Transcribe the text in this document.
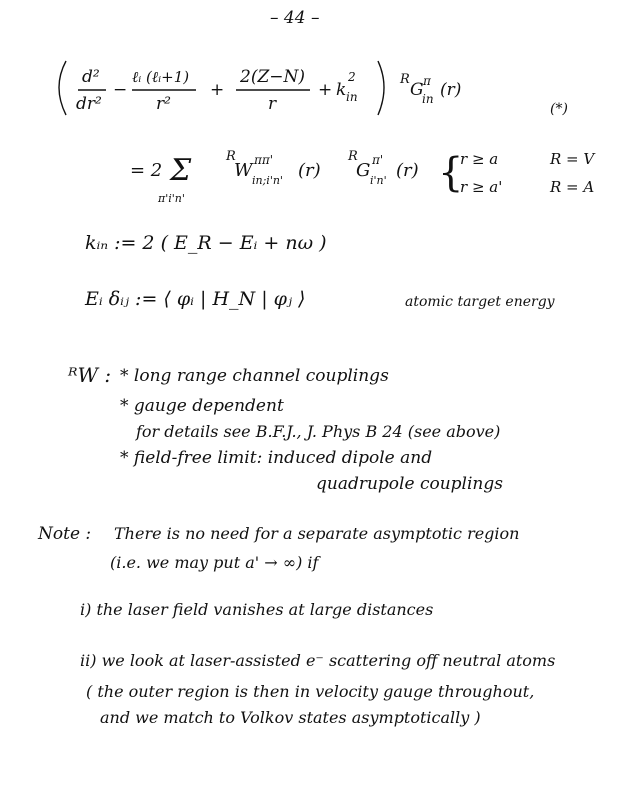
– 44 –
d²
dr²
−
ℓᵢ (ℓᵢ+1)
r²
+
2(Z−N)
r
+ k in
2	R
G π
in (r)
(*)
= 2 Σ
π'i'n'
R
W ππ'
in;i'n' (r)
R
G π'
i'n' (r) {
r ≥ a
r ≥ a'
R = V
R = A
kᵢₙ := 2 ( E_R − Eᵢ + nω )
Eᵢ δᵢⱼ := ⟨ φᵢ | H_N | φⱼ ⟩	atomic target energy
ᴿW : * long range channel couplings
* gauge dependent
for details see B.F.J., J. Phys B 24 (see above)
* field-free limit: induced dipole and
quadrupole couplings
Note : There is no need for a separate asymptotic region
(i.e. we may put a' → ∞) if
i) the laser field vanishes at large distances
ii) we look at laser-assisted e⁻ scattering off neutral atoms
( the outer region is then in velocity gauge throughout,
and we match to Volkov states asymptotically )
